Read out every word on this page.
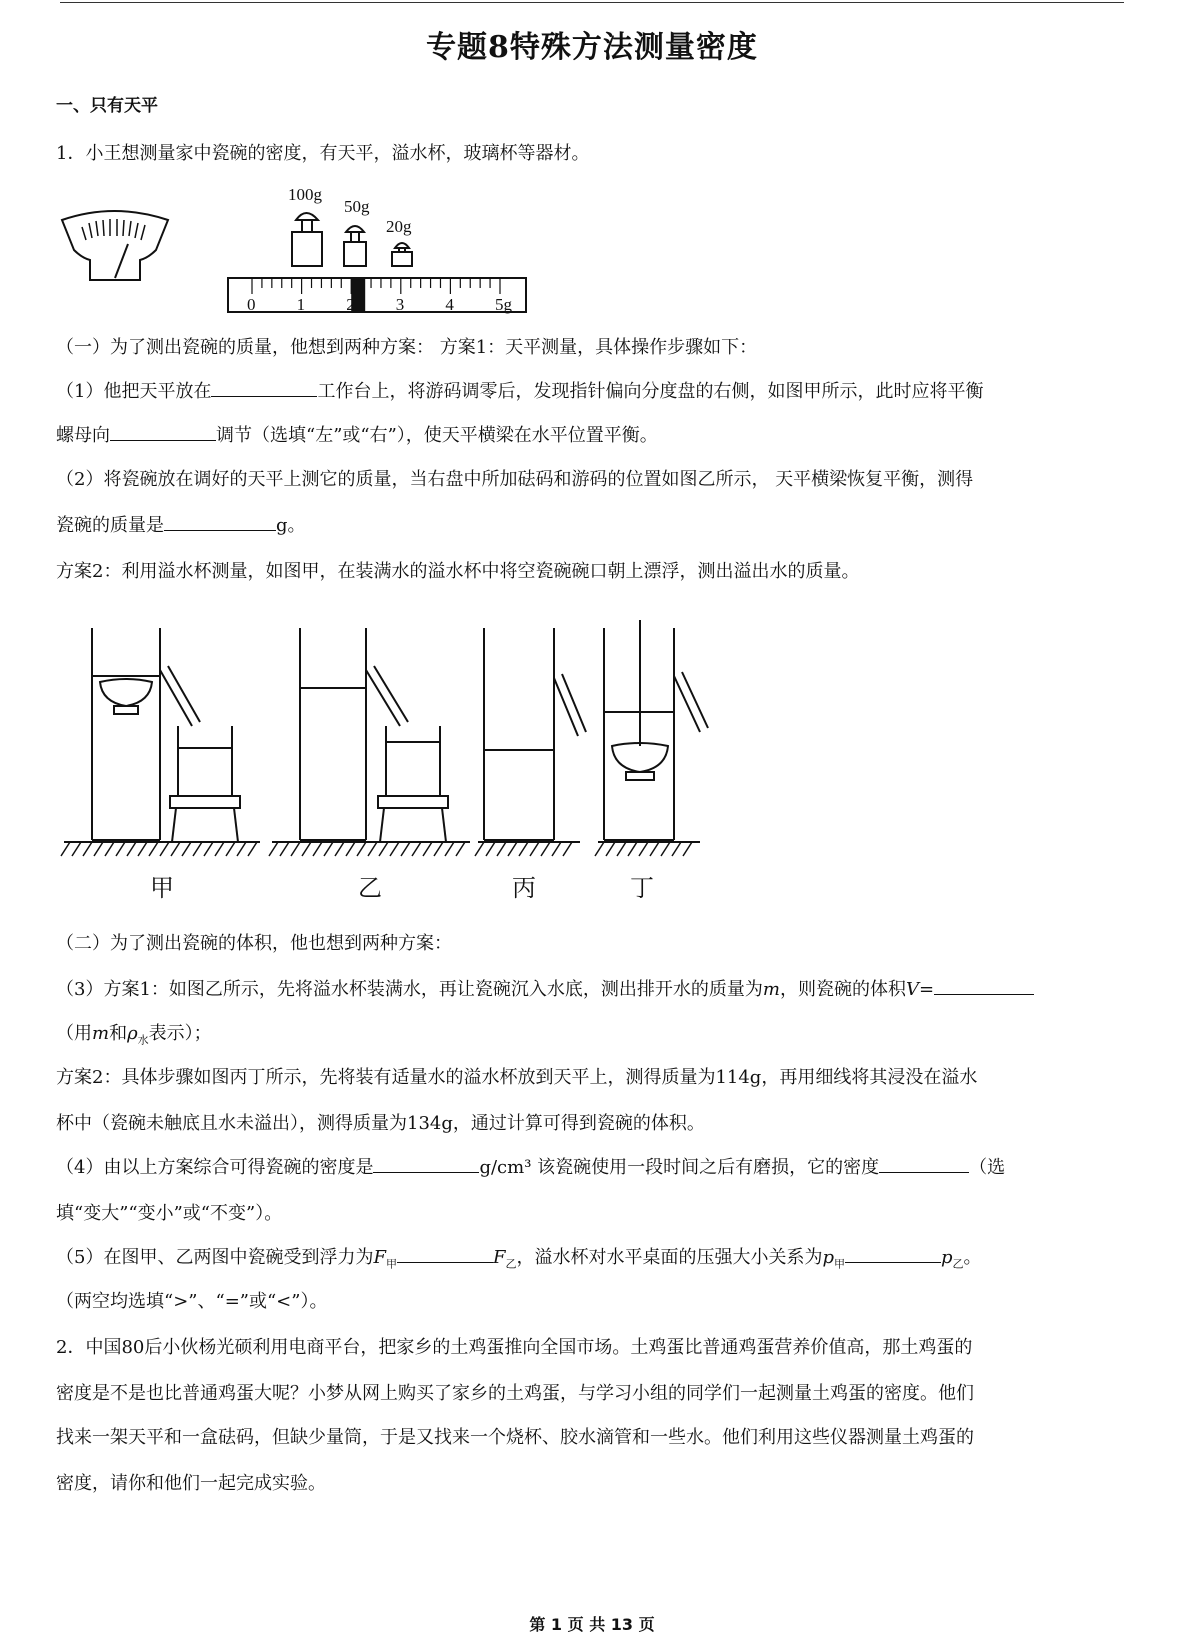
专题8特殊方法测量密度

一、只有天平

1．小王想测量家中瓷碗的密度，有天平，溢水杯，玻璃杯等器材。

100g
50g
20g
0 1 2 3 4 5g

（一）为了测出瓷碗的质量，他想到两种方案： 方案1：天平测量，具体操作步骤如下：

（1）他把天平放在	工作台上，将游码调零后，发现指针偏向分度盘的右侧，如图甲所示，此时应将平衡

螺母向	调节（选填“左”或“右”），使天平横梁在水平位置平衡。

（2）将瓷碗放在调好的天平上测它的质量，当右盘中所加砝码和游码的位置如图乙所示， 天平横梁恢复平衡，测得

瓷碗的质量是	g。

方案2：利用溢水杯测量，如图甲，在装满水的溢水杯中将空瓷碗碗口朝上漂浮，测出溢出水的质量。

甲	乙	丙	丁

（二）为了测出瓷碗的体积，他也想到两种方案：

（3）方案1：如图乙所示，先将溢水杯装满水，再让瓷碗沉入水底，测出排开水的质量为m，则瓷碗的体积V=

（用m和$\rho_水$表示）；

方案2：具体步骤如图丙丁所示，先将装有适量水的溢水杯放到天平上，测得质量为114g，再用细线将其浸没在溢水

杯中（瓷碗未触底且水未溢出），测得质量为134g，通过计算可得到瓷碗的体积。

（4）由以上方案综合可得瓷碗的密度是	g/cm³ 该瓷碗使用一段时间之后有磨损，它的密度	（选

填“变大”“变小”或“不变”）。

（5）在图甲、乙两图中瓷碗受到浮力为$F_甲$	$F_乙$，溢水杯对水平桌面的压强大小关系为$p_甲$	$p_乙$。

（两空均选填“>”、“=”或“<”）。

2．中国80后小伙杨光硕利用电商平台，把家乡的土鸡蛋推向全国市场。土鸡蛋比普通鸡蛋营养价值高，那土鸡蛋的

密度是不是也比普通鸡蛋大呢？小梦从网上购买了家乡的土鸡蛋，与学习小组的同学们一起测量土鸡蛋的密度。他们

找来一架天平和一盒砝码，但缺少量筒，于是又找来一个烧杯、胶水滴管和一些水。他们利用这些仪器测量土鸡蛋的

密度，请你和他们一起完成实验。

第 1 页 共 13 页
